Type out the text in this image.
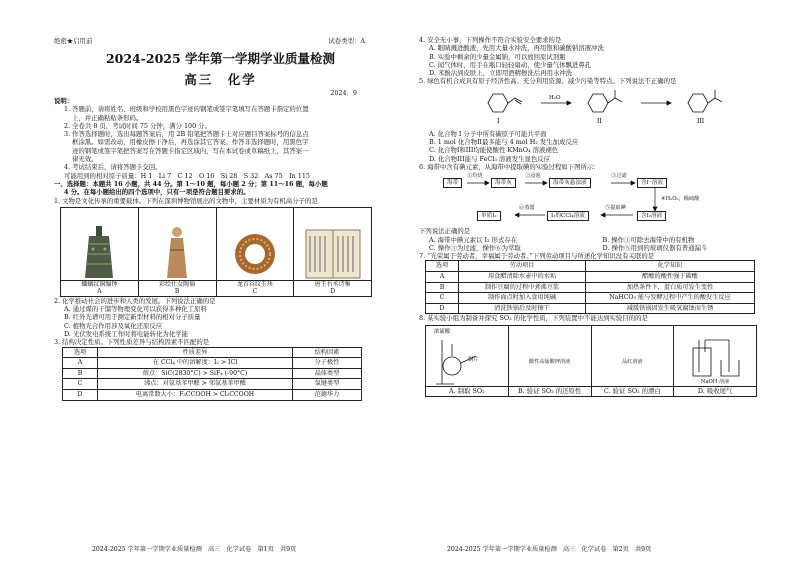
绝密★启用前	试卷类型：A
2024-2025 学年第一学期学业质量检测
高三　化学
2024．9
说明：
1. 答题前，请将姓名、班级和学校用黑色字迹的钢笔或签字笔填写在答题卡指定的位置
上，并正确粘贴条形码。
2. 全卷共 8 页，考试时间 75 分钟，满分 100 分。
3. 作答选择题时，选出每题答案后，用 2B 铅笔把答题卡上对应题目答案标号的信息点
框涂黑。如需改动，用橡皮擦干净后，再选涂其它答案。作答非选择题时，用黑色字
迹的钢笔或签字笔把答案写在答题卡指定区域内，写在本试卷或草稿纸上，其答案一
律无效。
4. 考试结束后，请将答题卡交回。
可能用到的相对原子质量：H 1　Li 7　C 12　O 16　Si 28　S 32　As 75　In 115
一、选择题：本题共 16 小题，共 44 分。第 1～10 题，每小题 2 分；第 11～16 题，每小题
4 分。在每小题给出的四个选项中，只有一项是符合题目要求的。
1. 文物是文化传承的重要载体。下列在深圳博物馆展出的文物中，主要材质为有机高分子的是
蟠螭纹铜编钟
A
彩绘仕女陶俑
B
龙首谷纹玉玦
C
唐王右丞诗集
D
2. 化学推动社会的进步和人类的发展。下列说法正确的是
A. 通过煤的干馏等物理变化可以获得多种化工原料
B. 红外光谱可用于测定新型材料的相对分子质量
C. 植物光合作用涉及氧化还原反应
D. 光伏发电系统工作时将电能转化为化学能
3. 结构决定性质。下列性质差异与结构因素不匹配的是
选项	性质差异	结构因素
A	在 CCl₄ 中的溶解度：I₂ > ICl	分子极性
B	熔点：SiC(2830°C) > SiF₄ (-90°C)	晶体类型
C	沸点：对氨基苯甲醛 > 邻氨基苯甲醛	氢键类型
D	电离常数大小：F₃CCOOH > Cl₃CCOOH	范德华力
2024-2025 学年第一学期学业质量检测　高三　化学试卷　第1页　共9页
4. 安全无小事，下列操作不符合实验安全要求的是
A. 眼睛溅进酸液，先用大量水冲洗，再用饱和碳酸钠溶液冲洗
B. 实验中剩余的少量金属钠，可以放回原试剂瓶
C. 闻气体时，用手在瓶口轻轻扇动，使少量气体飘进鼻孔
D. 苯酚沾到皮肤上，立即用酒精擦洗后再用水冲洗
5. 绿色有机合成具有原子经济性高、充分利用资源、减少污染等特点。下列说法不正确的是
I
H₂O
II	III
A. 化合物 I 分子中所有碳原子可能共平面
B. 1 mol 化合物II最多能与 4 mol H₂ 发生加成反应
C. 化合物I和III均能使酸性 KMnO₄ 溶液褪色
D. 化合物III能与 FeCl₃ 溶液发生显色反应
6. 海带中含有碘元素，从海带中提取碘的实验过程如下图所示：
海带
①灼烧
海带灰
②浸泡
海带灰悬浊液
③过滤
含I⁻溶液
④H₂O₂，稀硫酸
含I₂溶液
⑤提取碘
I₂的CCl₄溶液
⑥蒸馏
单质I₂
下列说法正确的是
A. 海带中碘元素以 I₂ 形式存在	B. 操作①可除去海带中的有机物
C. 操作③为过滤，操作⑥为萃取	D. 操作⑤用到的玻璃仪器有普通漏斗
7. “光荣属于劳动者，幸福属于劳动者。”下列劳动项目与所述化学知识没有关联的是
选项	劳动项目	化学知识
A	用食醋清除水壶中的水垢	醋酸的酸性强于碳酸
B	制作豆腐的过程中煮沸豆浆	加热条件下，蛋白质可发生变性
C	制作面点时加入食用纯碱	NaHCO₃ 能与发酵过程中产生的酸发生反应
D	清洗铁锅后及时擦干	减缓铁锅因发生吸氧腐蚀而生锈
8. 某实验小组为制备并探究 SO₂ 的化学性质，下列装置中不能达到实验目的的是
浓硫酸
铜片
A. 制取 SO₂
酸性高锰酸钾溶液
B. 验证 SO₂ 的还原性
品红溶液
C. 验证 SO₂ 的漂白
NaOH 溶液
D. 吸收尾气
2024-2025 学年第一学期学业质量检测　高三　化学试卷　第2页　共9页
